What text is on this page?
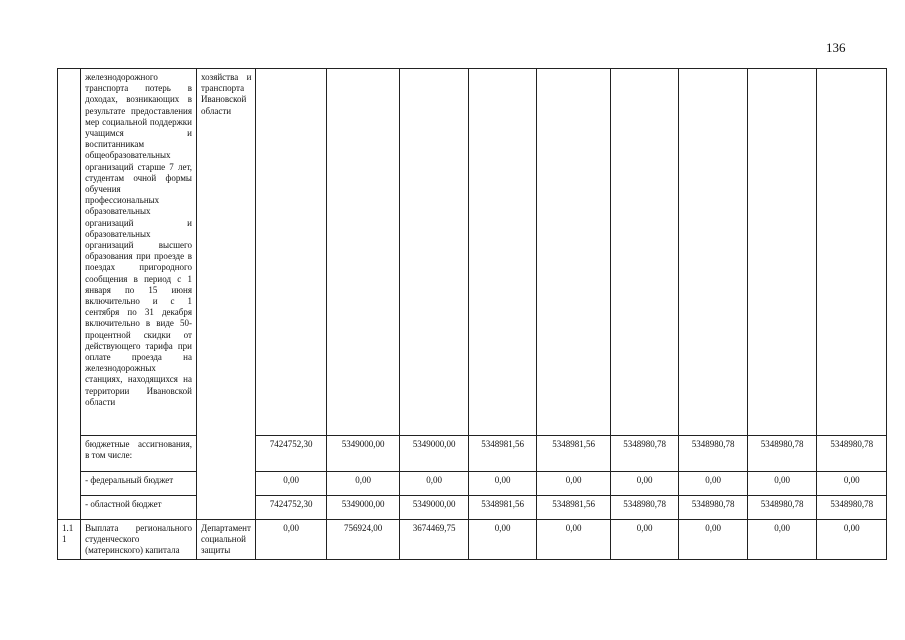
136
	железнодорожного транспорта потерь в доходах, возникающих в результате предоставления мер социальной поддержки учащимся и воспитанникам общеобразовательных организаций старше 7 лет, студентам очной формы обучения профессиональных образовательных организаций и образовательных организаций высшего образования при проезде в поездах пригородного сообщения в период с 1 января по 15 июня включительно и с 1 сентября по 31 декабря включительно в виде 50-процентной скидки от действующего тарифа при оплате проезда на железнодорожных станциях, находящихся на территории Ивановской области	хозяйства и транспорта Ивановской области									
	бюджетные ассигнования, в том числе:		7424752,30	5349000,00	5349000,00	5348981,56	5348981,56	5348980,78	5348980,78	5348980,78	5348980,78
	- федеральный бюджет		0,00	0,00	0,00	0,00	0,00	0,00	0,00	0,00	0,00
	- областной бюджет		7424752,30	5349000,00	5349000,00	5348981,56	5348981,56	5348980,78	5348980,78	5348980,78	5348980,78
1.1 1	Выплата регионального студенческого (материнского) капитала	Департамент социальной защиты	0,00	756924,00	3674469,75	0,00	0,00	0,00	0,00	0,00	0,00
